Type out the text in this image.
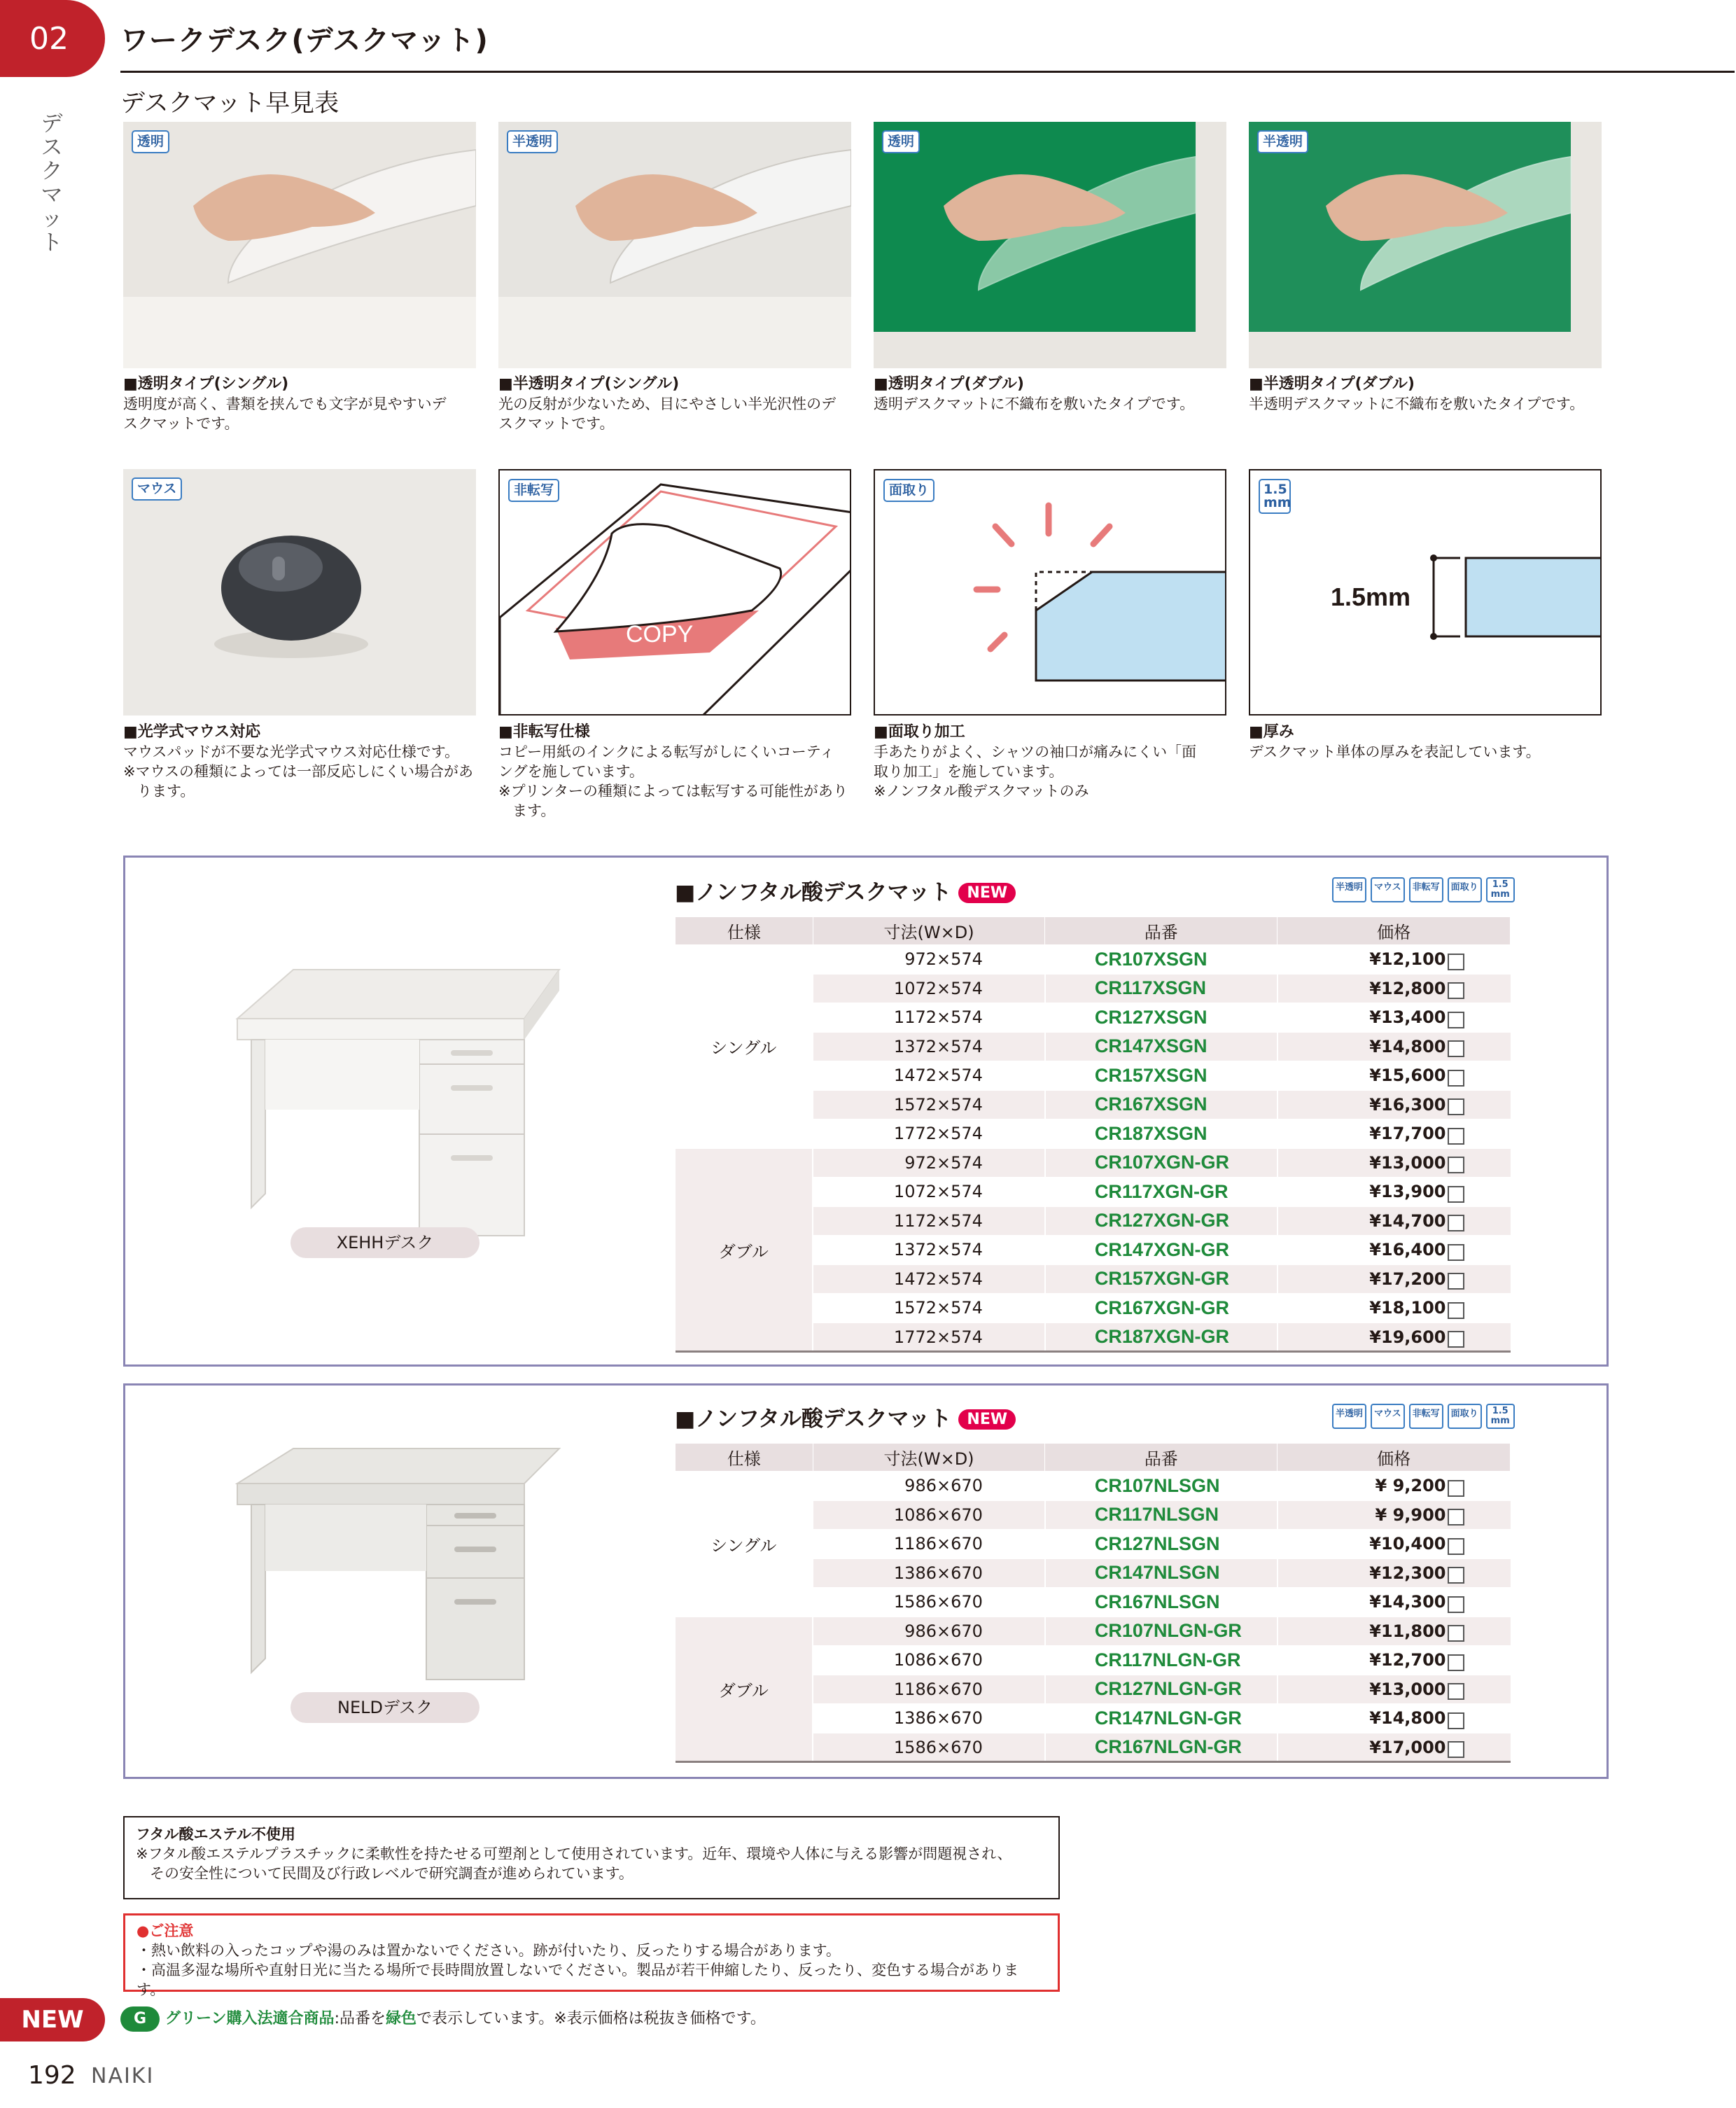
02 ワークデスク(デスクマット)
デ
ス
ク
マ
ッ
ト
デスクマット早見表
透明	半透明	透明	半透明
■透明タイプ(シングル)
透明度が高く、書類を挟んでも文字が見やすいデ
スクマットです。
■半透明タイプ(シングル)
光の反射が少ないため、目にやさしい半光沢性のデ
スクマットです。
■透明タイプ(ダブル)
透明デスクマットに不織布を敷いたタイプです。
■半透明タイプ(ダブル)
半透明デスクマットに不織布を敷いたタイプです。
マウス
COPY
非転写	面取り
1.5mm
1.5
mm
■光学式マウス対応
マウスパッドが不要な光学式マウス対応仕様です。
※マウスの種類によっては一部反応しにくい場合があります。
■非転写仕様
コピー用紙のインクによる転写がしにくいコーティ
ングを施しています。
※プリンターの種類によっては転写する可能性があります。
■面取り加工
手あたりがよく、シャツの袖口が痛みにくい「面
取り加工」を施しています。
※ノンフタル酸デスクマットのみ
■厚み
デスクマット単体の厚みを表記しています。
XEHHデスク
■ノンフタル酸デスクマット NEW	半透明	マウス	非転写	面取り	1.5
mm
仕様	寸法(W×D)	品番	価格
シングル	972×574	CR107XSGN	¥12,100
	1072×574	CR117XSGN	¥12,800
	1172×574	CR127XSGN	¥13,400
	1372×574	CR147XSGN	¥14,800
	1472×574	CR157XSGN	¥15,600
	1572×574	CR167XSGN	¥16,300
	1772×574	CR187XSGN	¥17,700
ダブル	972×574	CR107XGN-GR	¥13,000
	1072×574	CR117XGN-GR	¥13,900
	1172×574	CR127XGN-GR	¥14,700
	1372×574	CR147XGN-GR	¥16,400
	1472×574	CR157XGN-GR	¥17,200
	1572×574	CR167XGN-GR	¥18,100
	1772×574	CR187XGN-GR	¥19,600
NELDデスク
■ノンフタル酸デスクマット NEW	半透明	マウス	非転写	面取り	1.5
mm
仕様	寸法(W×D)	品番	価格
シングル	986×670	CR107NLSGN	¥ 9,200
	1086×670	CR117NLSGN	¥ 9,900
	1186×670	CR127NLSGN	¥10,400
	1386×670	CR147NLSGN	¥12,300
	1586×670	CR167NLSGN	¥14,300
ダブル	986×670	CR107NLGN-GR	¥11,800
	1086×670	CR117NLGN-GR	¥12,700
	1186×670	CR127NLGN-GR	¥13,000
	1386×670	CR147NLGN-GR	¥14,800
	1586×670	CR167NLGN-GR	¥17,000
フタル酸エステル不使用
※フタル酸エステルプラスチックに柔軟性を持たせる可塑剤として使用されています。近年、環境や人体に与える影響が問題視され、
その安全性について民間及び行政レベルで研究調査が進められています。
●ご注意
・熱い飲料の入ったコップや湯のみは置かないでください。跡が付いたり、反ったりする場合があります。
・高温多湿な場所や直射日光に当たる場所で長時間放置しないでください。製品が若干伸縮したり、反ったり、変色する場合があります。
NEW	G	グリーン購入法適合商品 :品番を 緑色 で表示しています。※表示価格は税抜き価格です。
192 NAIKI
